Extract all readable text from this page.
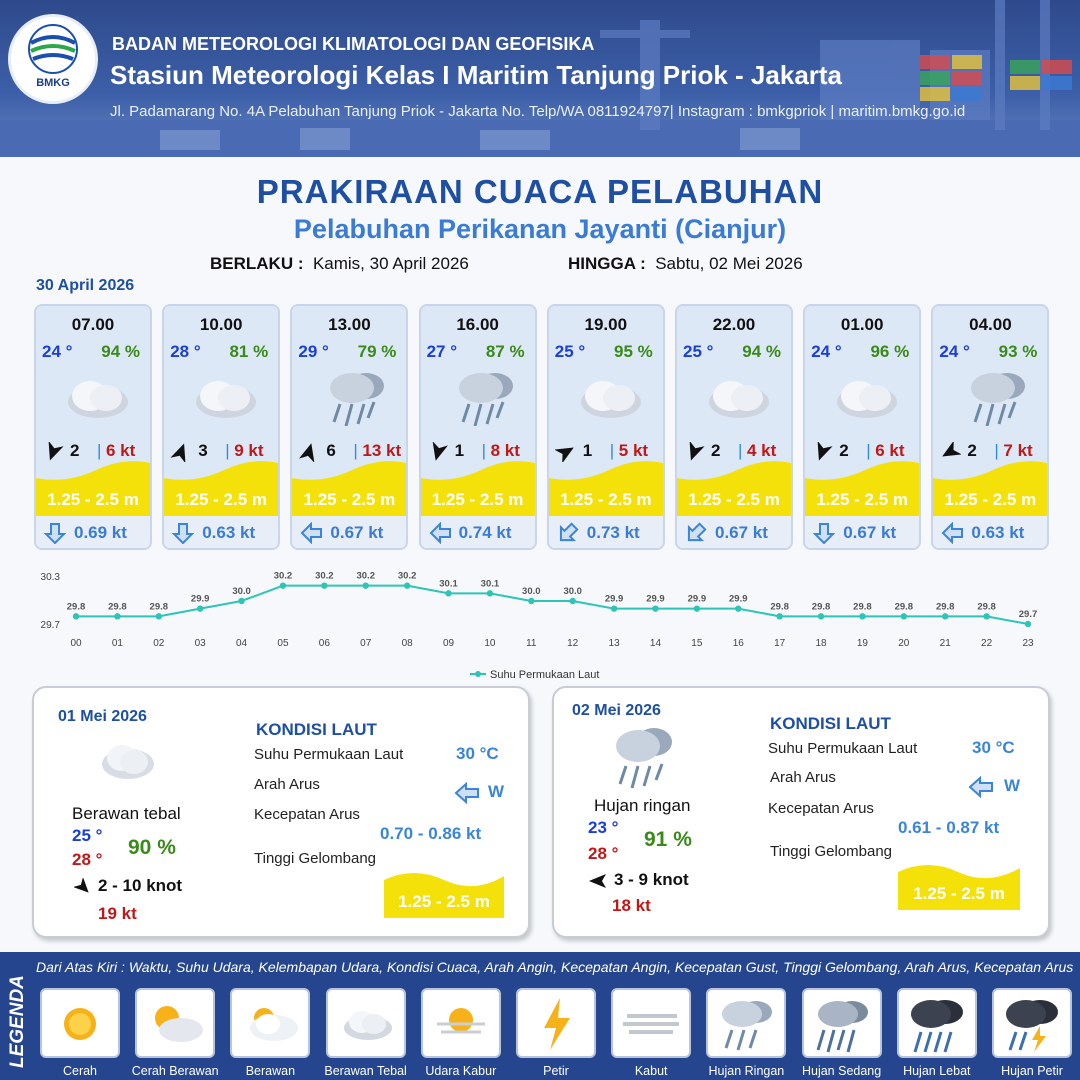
BMKG
BADAN METEOROLOGI KLIMATOLOGI DAN GEOFISIKA
Stasiun Meteorologi Kelas I Maritim Tanjung Priok - Jakarta
Jl. Padamarang No. 4A Pelabuhan Tanjung Priok - Jakarta No. Telp/WA 0811924797| Instagram : bmkgpriok | maritim.bmkg.go.id
PRAKIRAAN CUACA PELABUHAN
Pelabuhan Perikanan Jayanti (Cianjur)
BERLAKU : Kamis, 30 April 2026	HINGGA : Sabtu, 02 Mei 2026
30 April 2026
07.00
24 ° 94 %
2 | 6 kt
1.25 - 2.5 m
0.69 kt
10.00
28 ° 81 %
3 | 9 kt
1.25 - 2.5 m
0.63 kt
13.00
29 ° 79 %
6 | 13 kt
1.25 - 2.5 m
0.67 kt
16.00
27 ° 87 %
1 | 8 kt
1.25 - 2.5 m
0.74 kt
19.00
25 ° 95 %
1 | 5 kt
1.25 - 2.5 m
0.73 kt
22.00
25 ° 94 %
2 | 4 kt
1.25 - 2.5 m
0.67 kt
01.00
24 ° 96 %
2 | 6 kt
1.25 - 2.5 m
0.67 kt
04.00
24 ° 93 %
2 | 7 kt
1.25 - 2.5 m
0.63 kt
30.3
29.7
29.8
00
29.8
01
29.8
02
29.9
03
30.0
04
30.2
05
30.2
06
30.2
07
30.2
08
30.1
09
30.1
10
30.0
11
30.0
12
29.9
13
29.9
14
29.9
15
29.9
16
29.8
17
29.8
18
29.8
19
29.8
20
29.8
21
29.8
22
29.7
23
Suhu Permukaan Laut
01 Mei 2026
Berawan tebal
25 °
28 °
90 %
2 - 10 knot
19 kt
KONDISI LAUT
Suhu Permukaan Laut	30 °C
Arah Arus	W
Kecepatan Arus
0.70 - 0.86 kt
Tinggi Gelombang
1.25 - 2.5 m
02 Mei 2026
Hujan ringan
23 °
28 °
91 %
3 - 9 knot
18 kt
KONDISI LAUT
Suhu Permukaan Laut	30 °C
Arah Arus	W
Kecepatan Arus
0.61 - 0.87 kt
Tinggi Gelombang
1.25 - 2.5 m
LEGENDA
Dari Atas Kiri : Waktu, Suhu Udara, Kelembapan Udara, Kondisi Cuaca, Arah Angin, Kecepatan Angin, Kecepatan Gust, Tinggi Gelombang, Arah Arus, Kecepatan Arus
Cerah	Cerah Berawan	Berawan	Berawan Tebal	Udara Kabur	Petir	Kabut	Hujan Ringan	Hujan Sedang	Hujan Lebat	Hujan Petir
